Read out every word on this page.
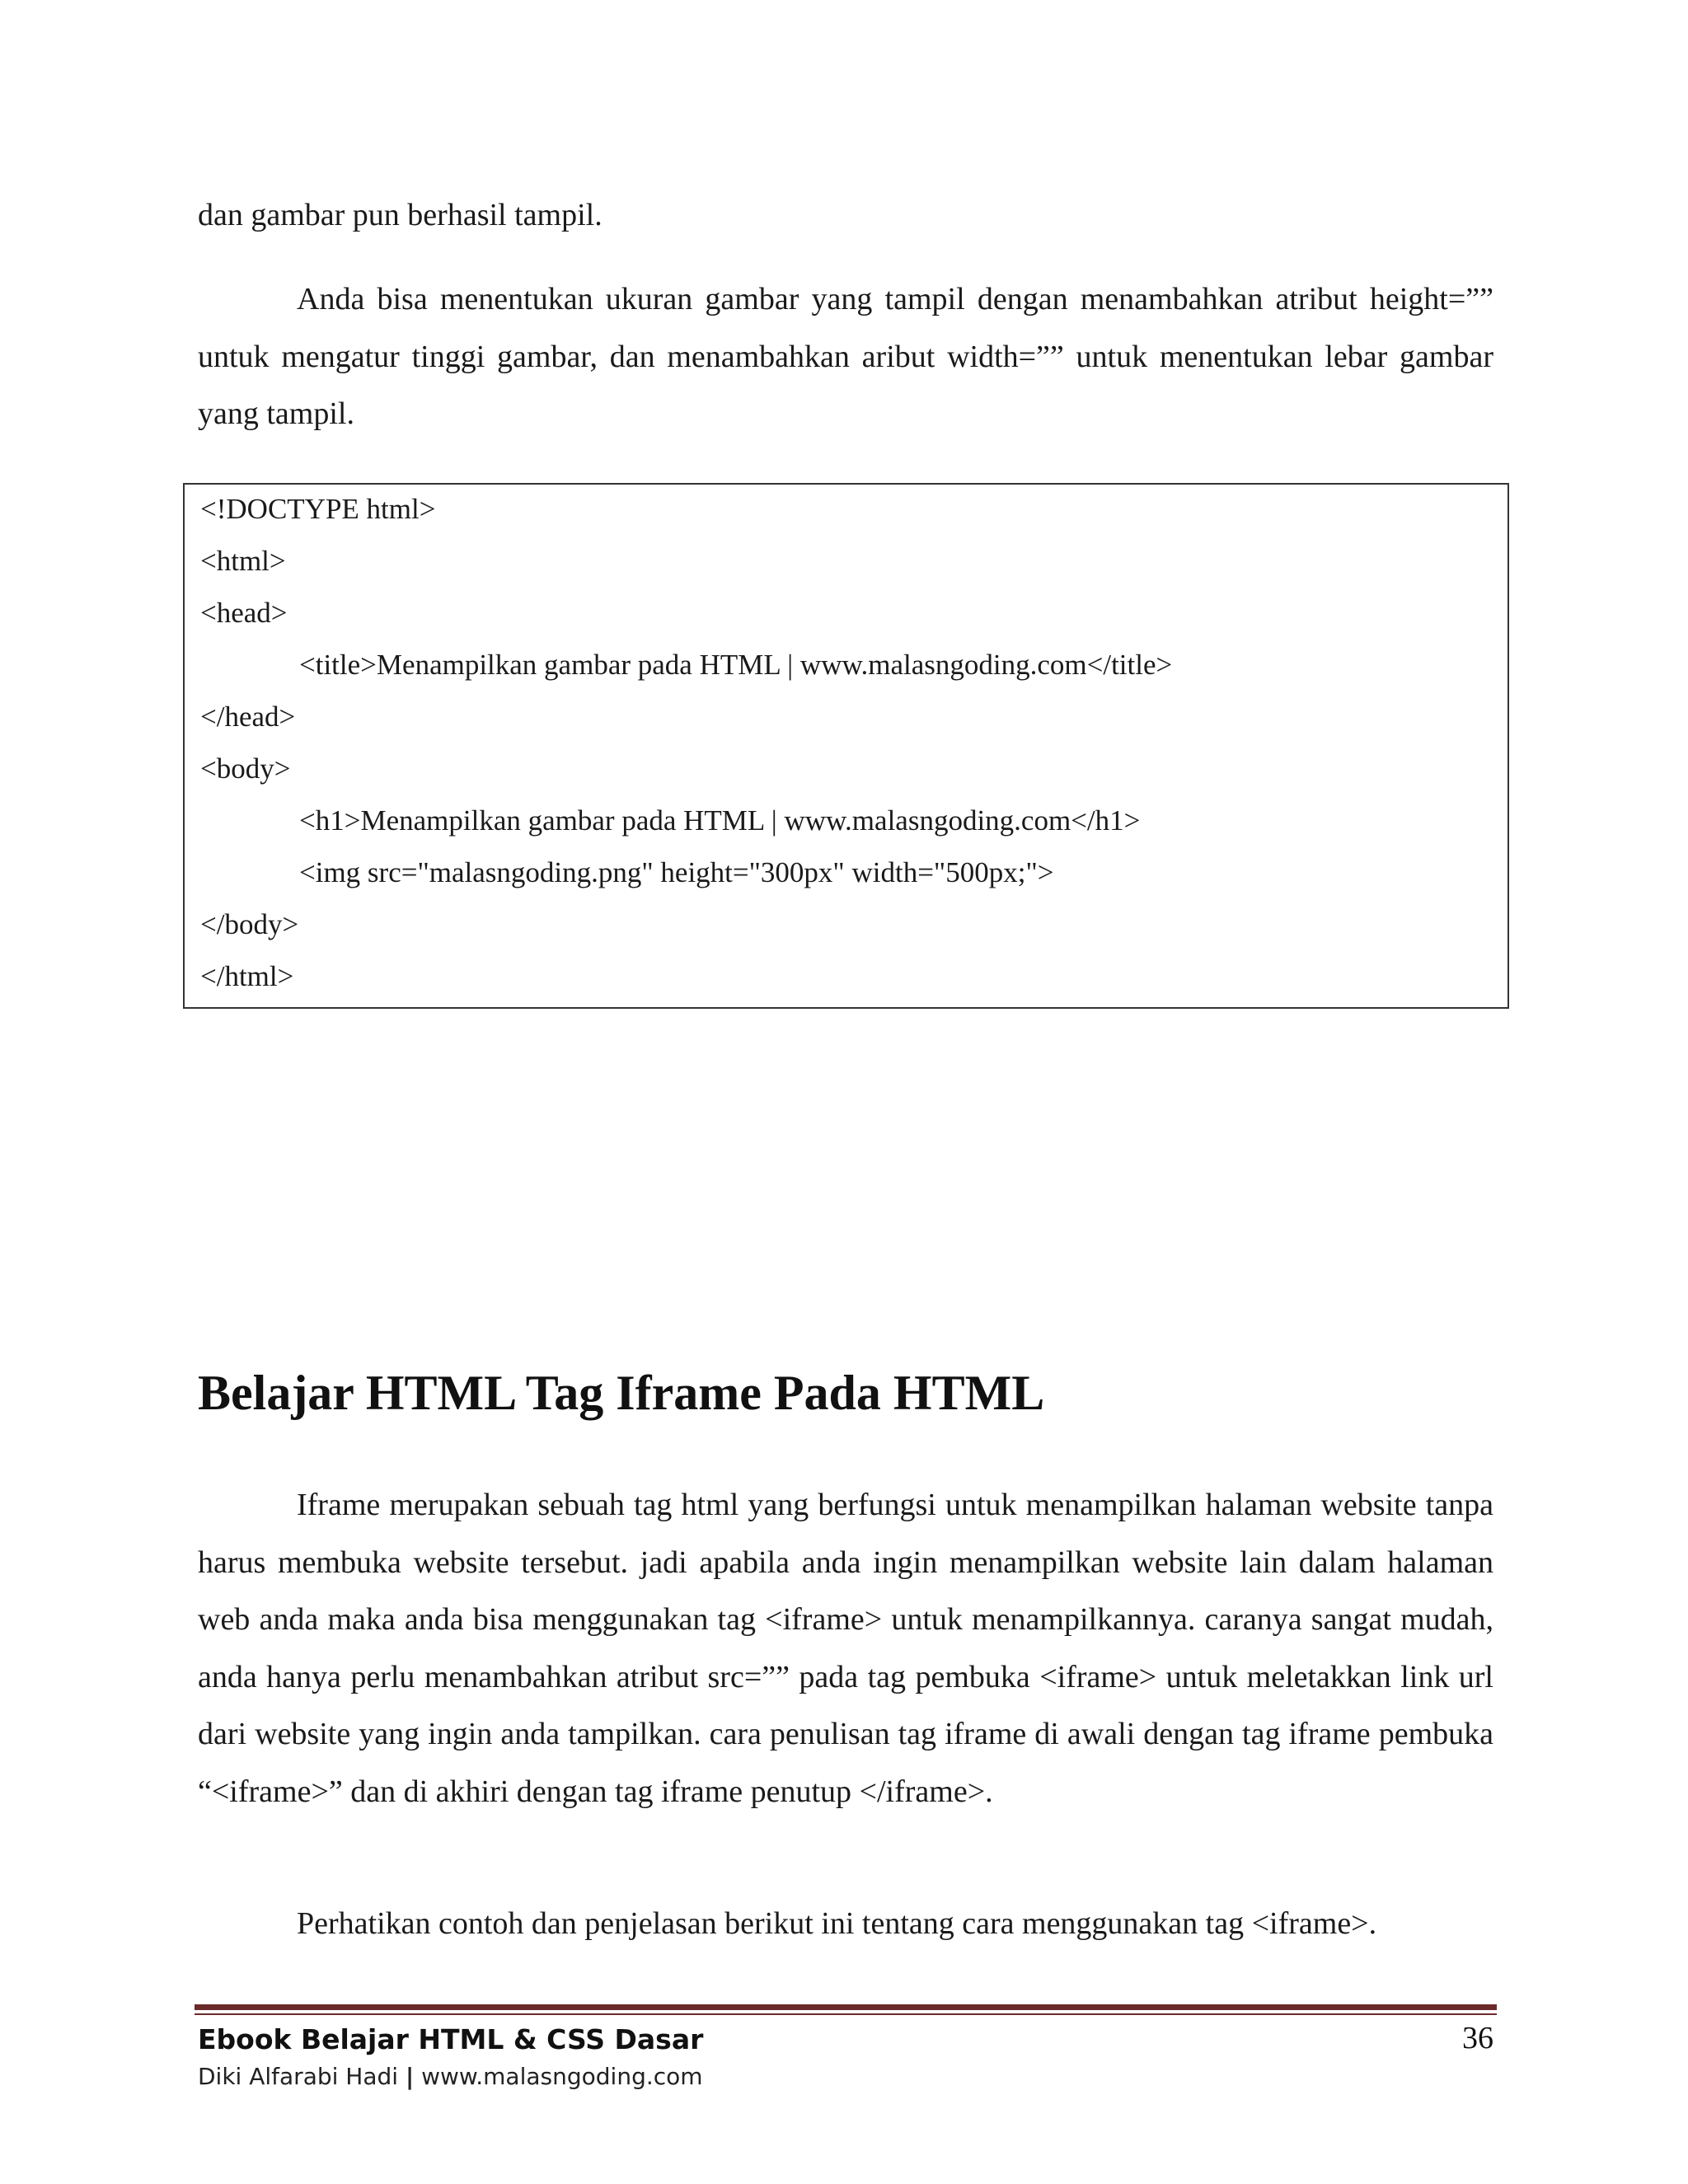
dan gambar pun berhasil tampil.

Anda bisa menentukan ukuran gambar yang tampil dengan menambahkan atribut height=”” untuk mengatur tinggi gambar, dan menambahkan aribut width=”” untuk menentukan lebar gambar yang tampil.

<!DOCTYPE html>
<html>
<head>
<title>Menampilkan gambar pada HTML | www.malasngoding.com</title>
</head>
<body>
<h1>Menampilkan gambar pada HTML | www.malasngoding.com</h1>
<img src="malasngoding.png" height="300px" width="500px;">
</body>
</html>
Belajar HTML Tag Iframe Pada HTML

Iframe merupakan sebuah tag html yang berfungsi untuk menampilkan halaman website tanpa harus membuka website tersebut. jadi apabila anda ingin menampilkan website lain dalam halaman web anda maka anda bisa menggunakan tag <iframe> untuk menampilkannya. caranya sangat mudah, anda hanya perlu menambahkan atribut src=”” pada tag pembuka <iframe> untuk meletakkan link url dari website yang ingin anda tampilkan. cara penulisan tag iframe di awali dengan tag iframe pembuka “<iframe>” dan di akhiri dengan tag iframe penutup </iframe>.

Perhatikan contoh dan penjelasan berikut ini tentang cara menggunakan tag <iframe>.

Ebook Belajar HTML & CSS Dasar
Diki Alfarabi Hadi | www.malasngoding.com
36
